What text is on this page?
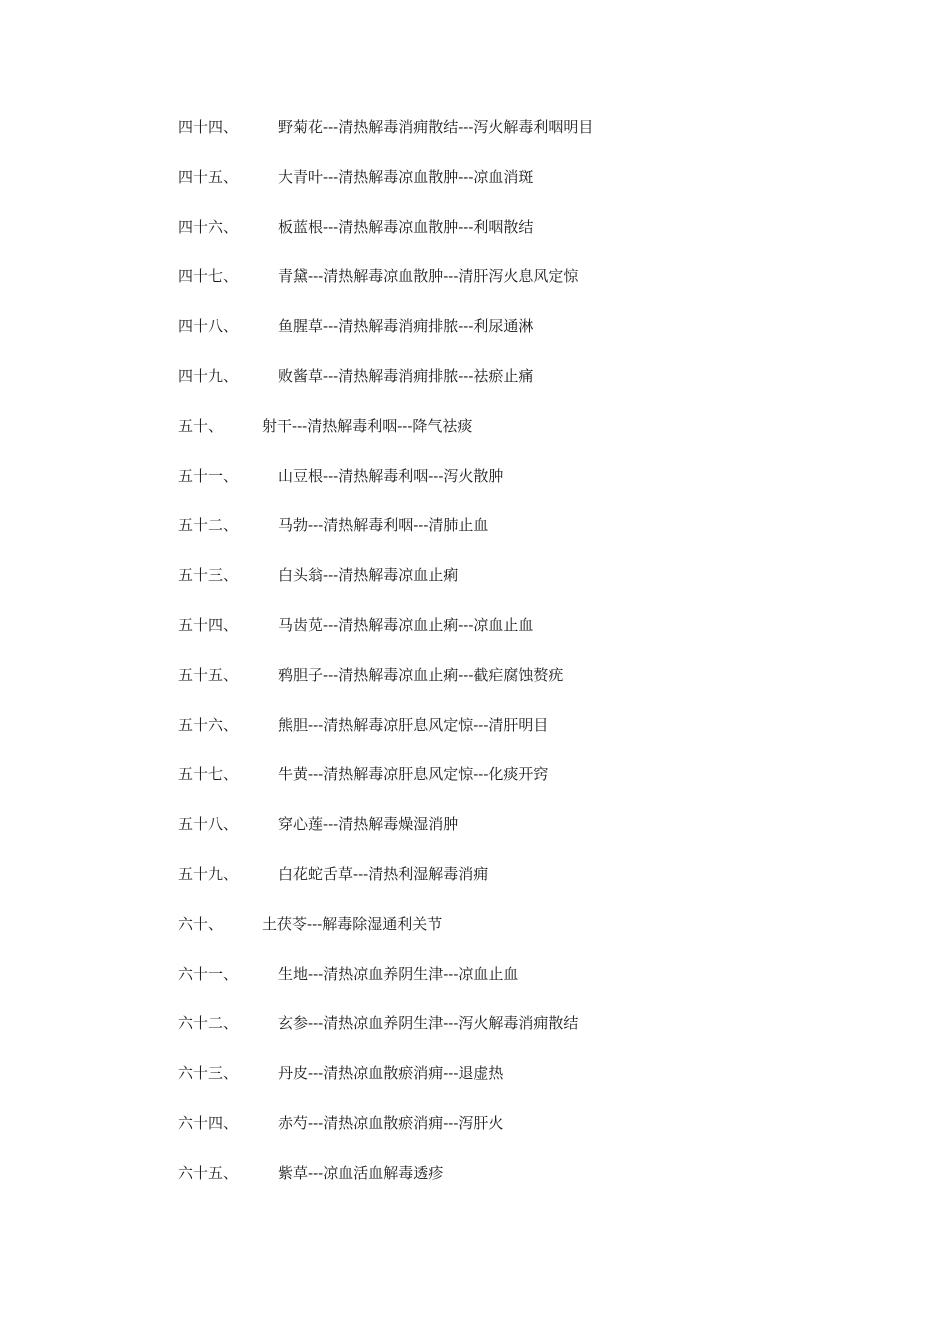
四十四、	野菊花---清热解毒消痈散结---泻火解毒利咽明目
四十五、	大青叶---清热解毒凉血散肿---凉血消斑
四十六、	板蓝根---清热解毒凉血散肿---利咽散结
四十七、	青黛---清热解毒凉血散肿---清肝泻火息风定惊
四十八、	鱼腥草---清热解毒消痈排脓---利尿通淋
四十九、	败酱草---清热解毒消痈排脓---祛瘀止痛
五十、	射干---清热解毒利咽---降气祛痰
五十一、	山豆根---清热解毒利咽---泻火散肿
五十二、	马勃---清热解毒利咽---清肺止血
五十三、	白头翁---清热解毒凉血止痢
五十四、	马齿苋---清热解毒凉血止痢---凉血止血
五十五、	鸦胆子---清热解毒凉血止痢---截疟腐蚀赘疣
五十六、	熊胆---清热解毒凉肝息风定惊---清肝明目
五十七、	牛黄---清热解毒凉肝息风定惊---化痰开窍
五十八、	穿心莲---清热解毒燥湿消肿
五十九、	白花蛇舌草---清热利湿解毒消痈
六十、	土茯苓---解毒除湿通利关节
六十一、	生地---清热凉血养阴生津---凉血止血
六十二、	玄参---清热凉血养阴生津---泻火解毒消痈散结
六十三、	丹皮---清热凉血散瘀消痈---退虚热
六十四、	赤芍---清热凉血散瘀消痈---泻肝火
六十五、	紫草---凉血活血解毒透疹
